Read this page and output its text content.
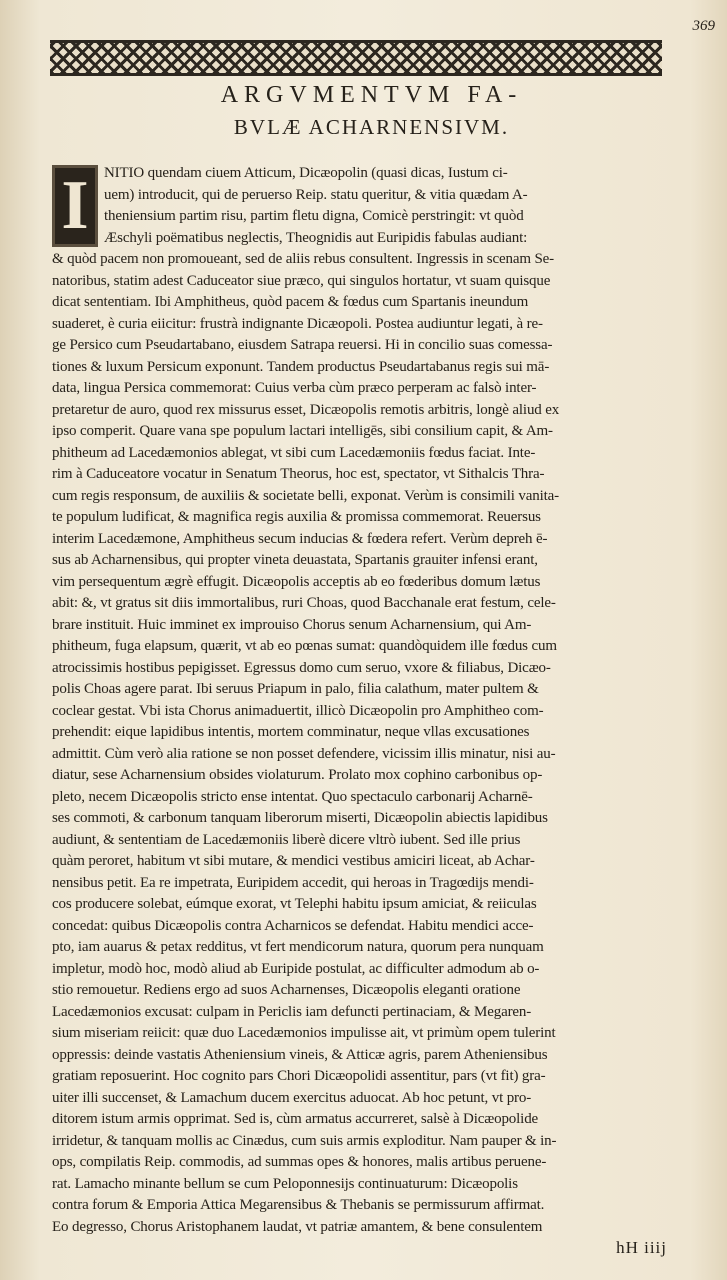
369
ARGVMENTVM FA-
BVLÆ ACHARNENSIVM.
I	NITIO quendam ciuem Atticum, Dicæopolin (quasi dicas, Iustum ci-
uem) introducit, qui de peruerso Reip. statu queritur, & vitia quædam A-
theniensium partim risu, partim fletu digna, Comicè perstringit: vt quòd
Æschyli poëmatibus neglectis, Theognidis aut Euripidis fabulas audiant:
& quòd pacem non promoueant, sed de aliis rebus consultent. Ingressis in scenam Se-
natoribus, statim adest Caduceator siue præco, qui singulos hortatur, vt suam quisque
dicat sententiam. Ibi Amphitheus, quòd pacem & fœdus cum Spartanis ineundum
suaderet, è curia eiicitur: frustrà indignante Dicæopoli. Postea audiuntur legati, à re-
ge Persico cum Pseudartabano, eiusdem Satrapa reuersi. Hi in concilio suas comessa-
tiones & luxum Persicum exponunt. Tandem productus Pseudartabanus regis sui mā-
data, lingua Persica commemorat: Cuius verba cùm præco perperam ac falsò inter-
pretaretur de auro, quod rex missurus esset, Dicæopolis remotis arbitris, longè aliud ex
ipso comperit. Quare vana spe populum lactari intelligēs, sibi consilium capit, & Am-
phitheum ad Lacedæmonios ablegat, vt sibi cum Lacedæmoniis fœdus faciat. Inte-
rim à Caduceatore vocatur in Senatum Theorus, hoc est, spectator, vt Sithalcis Thra-
cum regis responsum, de auxiliis & societate belli, exponat. Verùm is consimili vanita-
te populum ludificat, & magnifica regis auxilia & promissa commemorat. Reuersus
interim Lacedæmone, Amphitheus secum inducias & fœdera refert. Verùm depreh ē-
sus ab Acharnensibus, qui propter vineta deuastata, Spartanis grauiter infensi erant,
vim persequentum ægrè effugit. Dicæopolis acceptis ab eo fœderibus domum lætus
abit: &, vt gratus sit diis immortalibus, ruri Choas, quod Bacchanale erat festum, cele-
brare instituit. Huic imminet ex improuiso Chorus senum Acharnensium, qui Am-
phitheum, fuga elapsum, quærit, vt ab eo pœnas sumat: quandòquidem ille fœdus cum
atrocissimis hostibus pepigisset. Egressus domo cum seruo, vxore & filiabus, Dicæo-
polis Choas agere parat. Ibi seruus Priapum in palo, filia calathum, mater pultem &
coclear gestat. Vbi ista Chorus animaduertit, illicò Dicæopolin pro Amphitheo com-
prehendit: eique lapidibus intentis, mortem comminatur, neque vllas excusationes
admittit. Cùm verò alia ratione se non posset defendere, vicissim illis minatur, nisi au-
diatur, sese Acharnensium obsides violaturum. Prolato mox cophino carbonibus op-
pleto, necem Dicæopolis stricto ense intentat. Quo spectaculo carbonarij Acharnē-
ses commoti, & carbonum tanquam liberorum miserti, Dicæopolin abiectis lapidibus
audiunt, & sententiam de Lacedæmoniis liberè dicere vltrò iubent. Sed ille prius
quàm peroret, habitum vt sibi mutare, & mendici vestibus amiciri liceat, ab Achar-
nensibus petit. Ea re impetrata, Euripidem accedit, qui heroas in Tragœdijs mendi-
cos producere solebat, eúmque exorat, vt Telephi habitu ipsum amiciat, & reiiculas
concedat: quibus Dicæopolis contra Acharnicos se defendat. Habitu mendici acce-
pto, iam auarus & petax redditus, vt fert mendicorum natura, quorum pera nunquam
impletur, modò hoc, modò aliud ab Euripide postulat, ac difficulter admodum ab o-
stio remouetur. Rediens ergo ad suos Acharnenses, Dicæopolis eleganti oratione
Lacedæmonios excusat: culpam in Periclis iam defuncti pertinaciam, & Megaren-
sium miseriam reiicit: quæ duo Lacedæmonios impulisse ait, vt primùm opem tulerint
oppressis: deinde vastatis Atheniensium vineis, & Atticæ agris, parem Atheniensibus
gratiam reposuerint. Hoc cognito pars Chori Dicæopolidi assentitur, pars (vt fit) gra-
uiter illi succenset, & Lamachum ducem exercitus aduocat. Ab hoc petunt, vt pro-
ditorem istum armis opprimat. Sed is, cùm armatus accurreret, salsè à Dicæopolide
irridetur, & tanquam mollis ac Cinædus, cum suis armis exploditur. Nam pauper & in-
ops, compilatis Reip. commodis, ad summas opes & honores, malis artibus peruene-
rat. Lamacho minante bellum se cum Peloponnesijs continuaturum: Dicæopolis
contra forum & Emporia Attica Megarensibus & Thebanis se permissurum affirmat.
Eo degresso, Chorus Aristophanem laudat, vt patriæ amantem, & bene consulentem
hH iiij
